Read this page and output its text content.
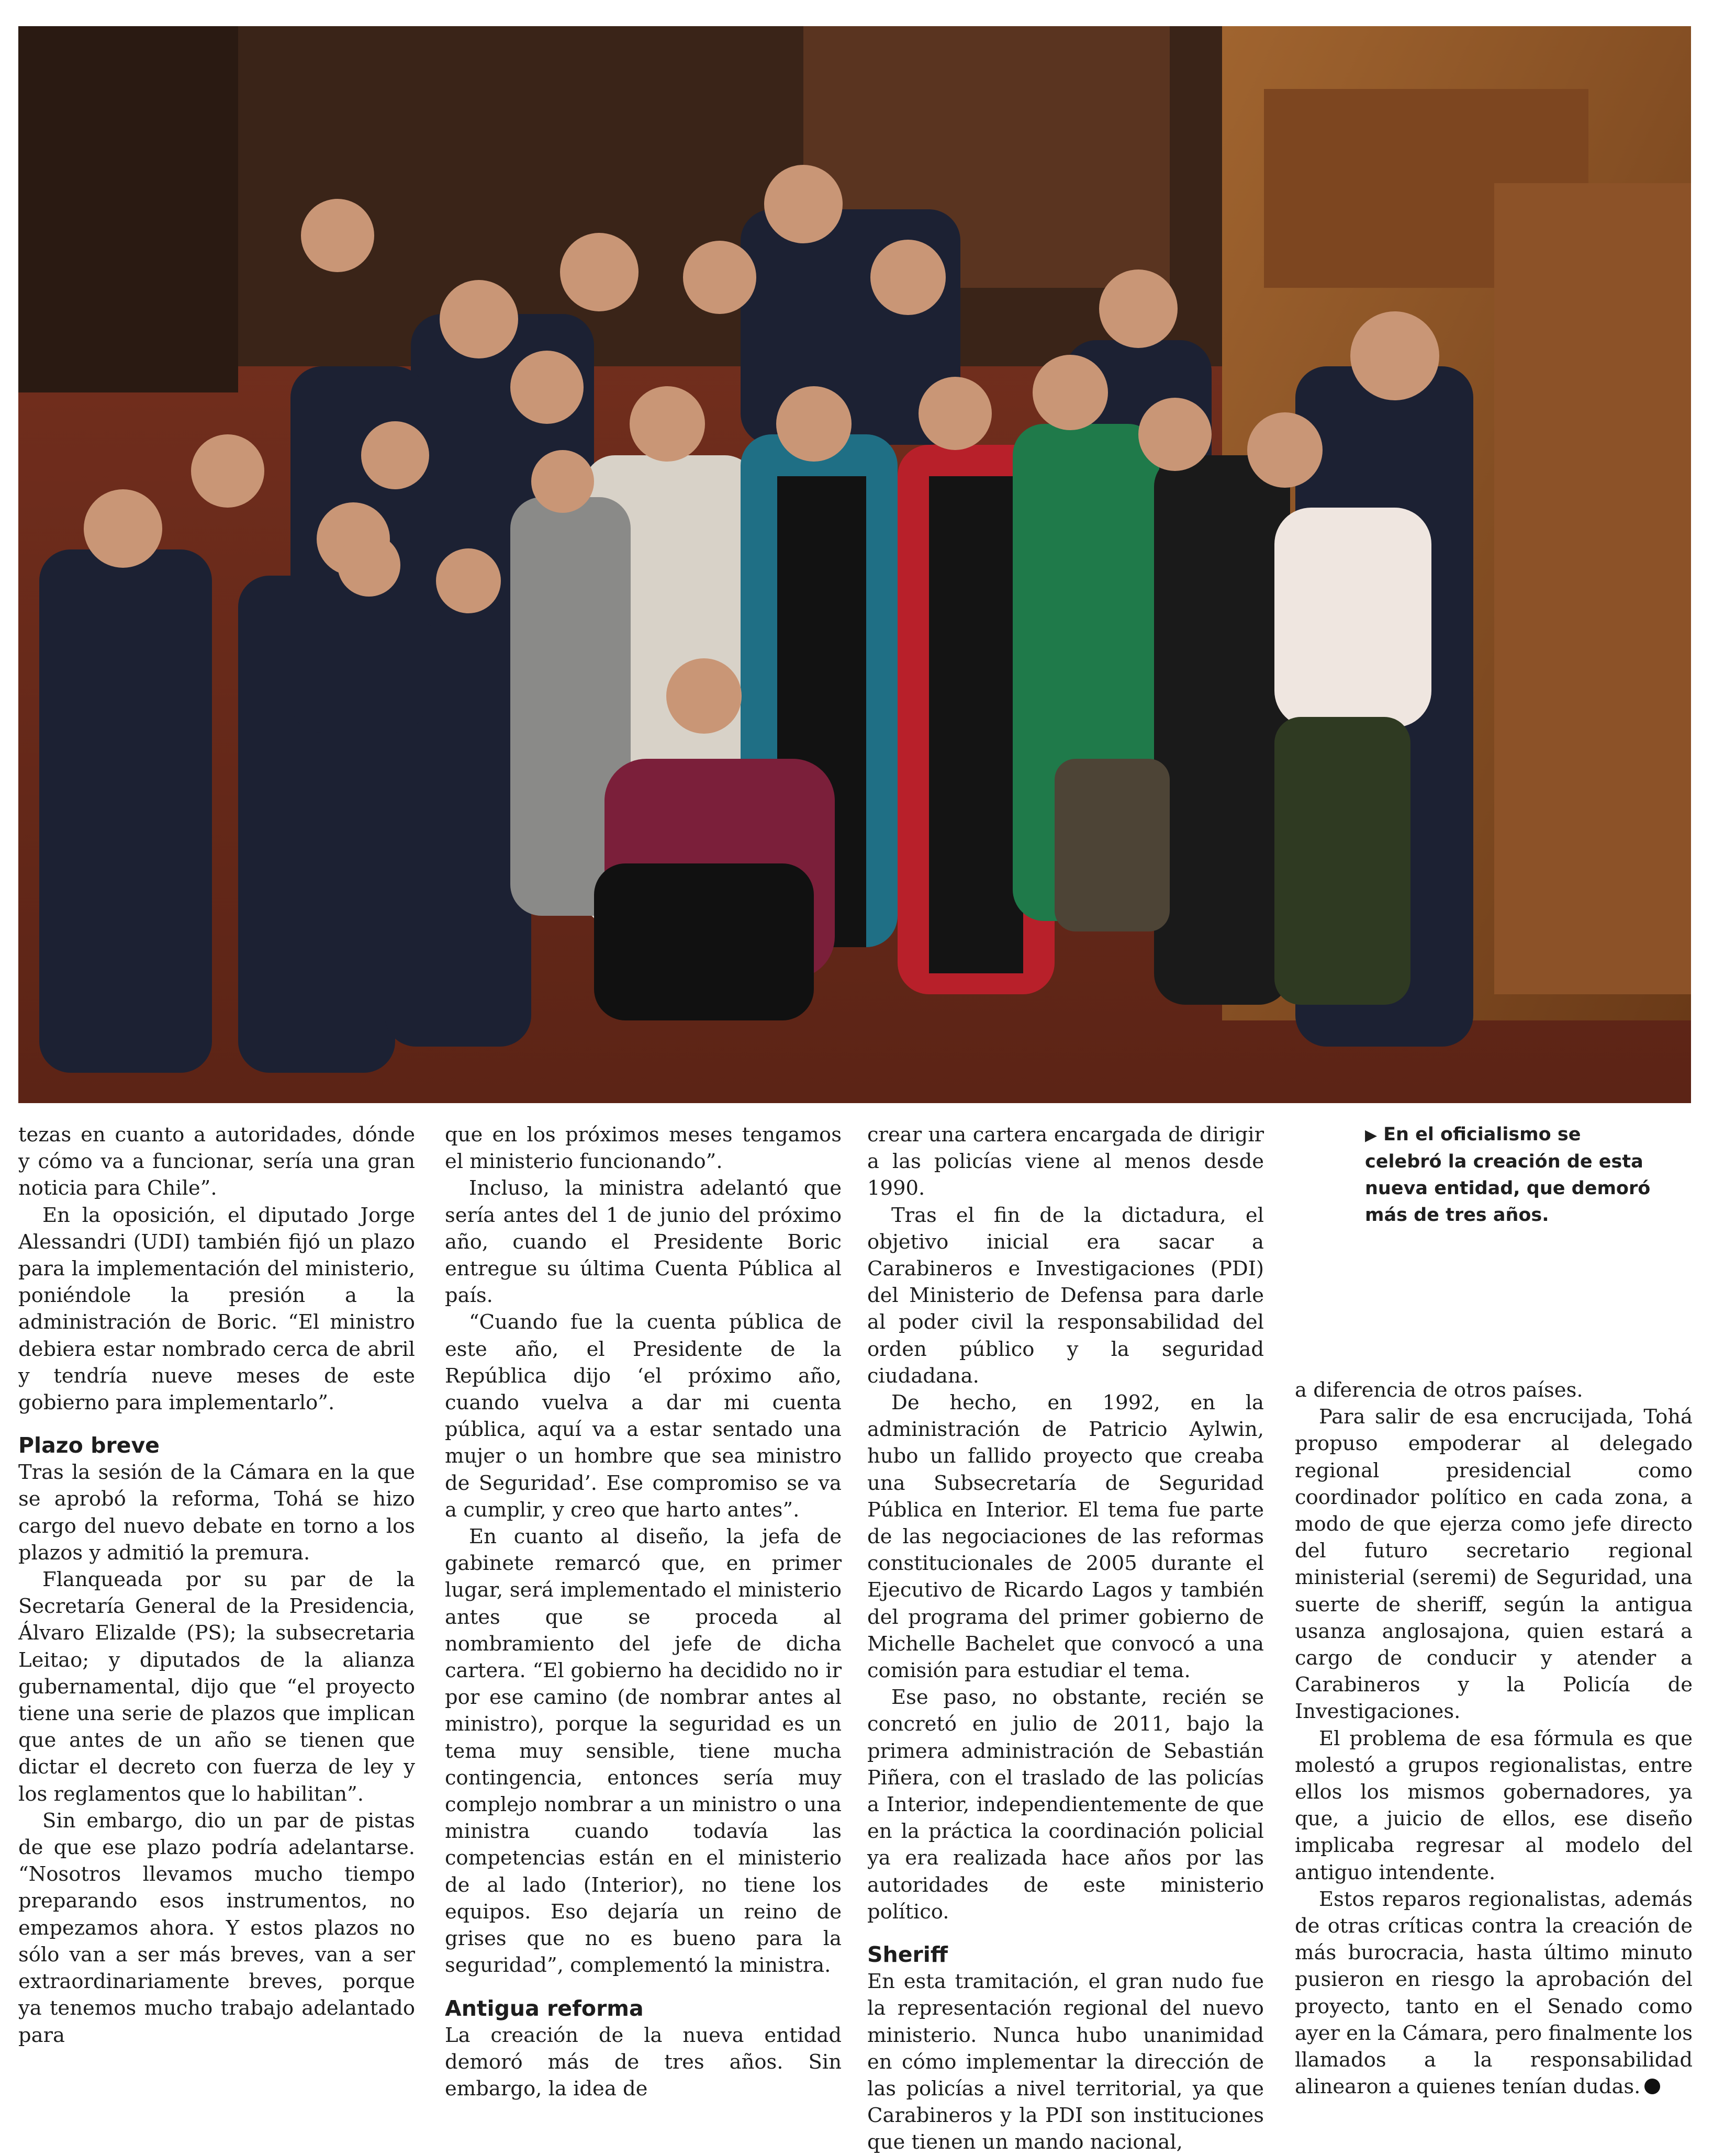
tezas en cuanto a autoridades, dónde y cómo va a funcionar, sería una gran noticia para Chile”.

En la oposición, el diputado Jorge Alessandri (UDI) también fijó un plazo para la implementación del ministerio, poniéndole la presión a la administración de Boric. “El ministro debiera estar nombrado cerca de abril y tendría nueve meses de este gobierno para implementarlo”.

Plazo breve

Tras la sesión de la Cámara en la que se aprobó la reforma, Tohá se hizo cargo del nuevo debate en torno a los plazos y admitió la premura.

Flanqueada por su par de la Secretaría General de la Presidencia, Álvaro Elizalde (PS); la subsecretaria Leitao; y diputados de la alianza gubernamental, dijo que “el proyecto tiene una serie de plazos que implican que antes de un año se tienen que dictar el decreto con fuerza de ley y los reglamentos que lo habilitan”.

Sin embargo, dio un par de pistas de que ese plazo podría adelantarse. “Nosotros llevamos mucho tiempo preparando esos instrumentos, no empezamos ahora. Y estos plazos no sólo van a ser más breves, van a ser extraordinariamente breves, porque ya tenemos mucho trabajo adelantado para

que en los próximos meses tengamos el ministerio funcionando”.

Incluso, la ministra adelantó que sería antes del 1 de junio del próximo año, cuando el Presidente Boric entregue su última Cuenta Pública al país.

“Cuando fue la cuenta pública de este año, el Presidente de la República dijo ‘el próximo año, cuando vuelva a dar mi cuenta pública, aquí va a estar sentado una mujer o un hombre que sea ministro de Seguridad’. Ese compromiso se va a cumplir, y creo que harto antes”.

En cuanto al diseño, la jefa de gabinete remarcó que, en primer lugar, será implementado el ministerio antes que se proceda al nombramiento del jefe de dicha cartera. “El gobierno ha decidido no ir por ese camino (de nombrar antes al ministro), porque la seguridad es un tema muy sensible, tiene mucha contingencia, entonces sería muy complejo nombrar a un ministro o una ministra cuando todavía las competencias están en el ministerio de al lado (Interior), no tiene los equipos. Eso dejaría un reino de grises que no es bueno para la seguridad”, complementó la ministra.

Antigua reforma

La creación de la nueva entidad demoró más de tres años. Sin embargo, la idea de

crear una cartera encargada de dirigir a las policías viene al menos desde 1990.

Tras el fin de la dictadura, el objetivo inicial era sacar a Carabineros e Investigaciones (PDI) del Ministerio de Defensa para darle al poder civil la responsabilidad del orden público y la seguridad ciudadana.

De hecho, en 1992, en la administración de Patricio Aylwin, hubo un fallido proyecto que creaba una Subsecretaría de Seguridad Pública en Interior. El tema fue parte de las negociaciones de las reformas constitucionales de 2005 durante el Ejecutivo de Ricardo Lagos y también del programa del primer gobierno de Michelle Bachelet que convocó a una comisión para estudiar el tema.

Ese paso, no obstante, recién se concretó en julio de 2011, bajo la primera administración de Sebastián Piñera, con el traslado de las policías a Interior, independientemente de que en la práctica la coordinación policial ya era realizada hace años por las autoridades de este ministerio político.

Sheriff

En esta tramitación, el gran nudo fue la representación regional del nuevo ministerio. Nunca hubo unanimidad en cómo implementar la dirección de las policías a nivel territorial, ya que Carabineros y la PDI son instituciones que tienen un mando nacional,

▶ En el oficialismo se celebró la creación de esta nueva entidad, que demoró más de tres años.

a diferencia de otros países.

Para salir de esa encrucijada, Tohá propuso empoderar al delegado regional presidencial como coordinador político en cada zona, a modo de que ejerza como jefe directo del futuro secretario regional ministerial (seremi) de Seguridad, una suerte de sheriff, según la antigua usanza anglosajona, quien estará a cargo de conducir y atender a Carabineros y la Policía de Investigaciones.

El problema de esa fórmula es que molestó a grupos regionalistas, entre ellos los mismos gobernadores, ya que, a juicio de ellos, ese diseño implicaba regresar al modelo del antiguo intendente.

Estos reparos regionalistas, además de otras críticas contra la creación de más burocracia, hasta último minuto pusieron en riesgo la aprobación del proyecto, tanto en el Senado como ayer en la Cámara, pero finalmente los llamados a la responsabilidad alinearon a quienes tenían dudas.
